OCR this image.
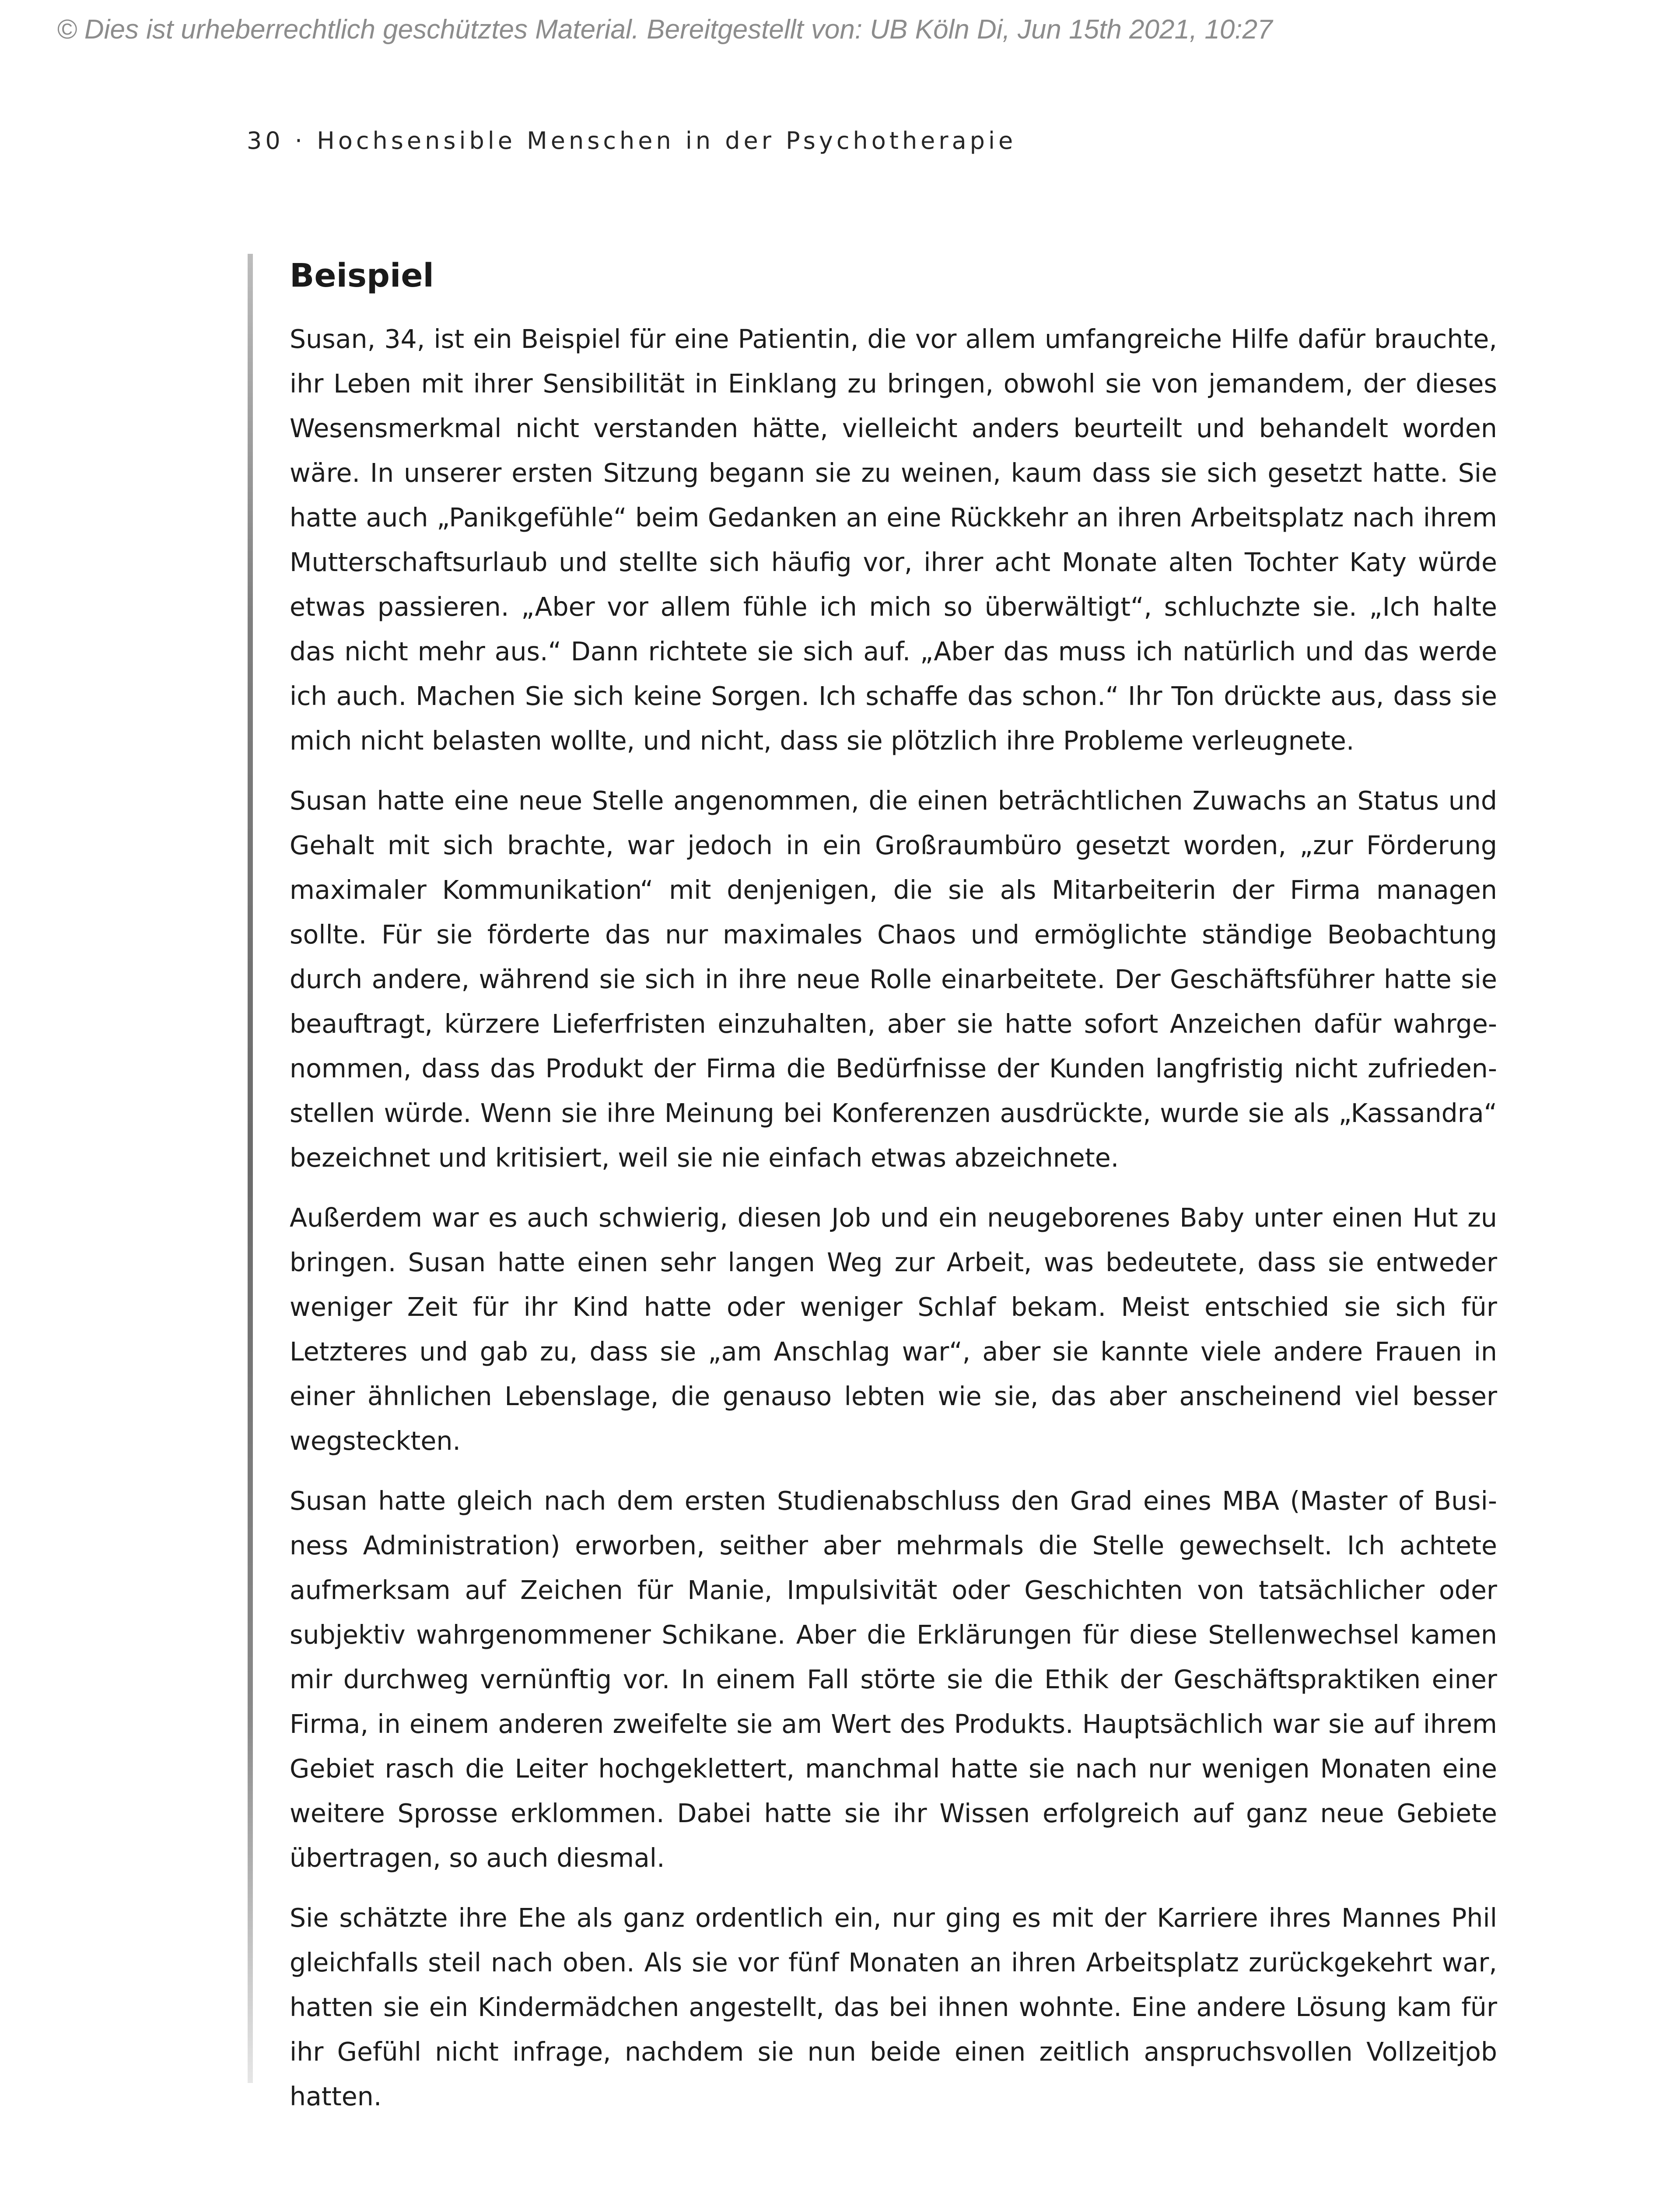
© Dies ist urheberrechtlich geschütztes Material. Bereitgestellt von: UB Köln Di, Jun 15th 2021, 10:27
30 · Hochsensible Menschen in der Psychotherapie
Beispiel

Susan, 34, ist ein Beispiel für eine Patientin, die vor allem umfangreiche Hilfe dafür brauchte, ihr Leben mit ihrer Sensibilität in Einklang zu bringen, obwohl sie von jemandem, der dieses Wesensmerkmal nicht verstanden hätte, vielleicht anders beurteilt und behandelt worden wäre. In unserer ersten Sitzung begann sie zu weinen, kaum dass sie sich gesetzt hatte. Sie hatte auch „Panikgefühle“ beim Gedanken an eine Rückkehr an ihren Arbeitsplatz nach ihrem Mutterschaftsurlaub und stellte sich häufig vor, ihrer acht Monate alten Tochter Katy würde etwas passieren. „Aber vor allem fühle ich mich so überwältigt“, schluchzte sie. „Ich halte das nicht mehr aus.“ Dann richtete sie sich auf. „Aber das muss ich natürlich und das werde ich auch. Machen Sie sich keine Sorgen. Ich schaffe das schon.“ Ihr Ton drückte aus, dass sie mich nicht belasten wollte, und nicht, dass sie plötzlich ihre Probleme verleugnete.

Susan hatte eine neue Stelle angenommen, die einen beträchtlichen Zuwachs an Status und Gehalt mit sich brachte, war jedoch in ein Großraumbüro gesetzt worden, „zur Förderung maximaler Kommunikation“ mit denjenigen, die sie als Mitarbeiterin der Firma managen sollte. Für sie förderte das nur maximales Chaos und ermöglichte ständige Beobachtung durch andere, während sie sich in ihre neue Rolle einarbeitete. Der Geschäftsführer hatte sie beauftragt, kürzere Lieferfristen einzuhalten, aber sie hatte sofort Anzeichen dafür wahrgenommen, dass das Produkt der Firma die Bedürfnisse der Kunden langfristig nicht zufriedenstellen würde. Wenn sie ihre Meinung bei Konferenzen ausdrückte, wurde sie als „Kassandra“ bezeichnet und kritisiert, weil sie nie einfach etwas abzeichnete.

Außerdem war es auch schwierig, diesen Job und ein neugeborenes Baby unter einen Hut zu bringen. Susan hatte einen sehr langen Weg zur Arbeit, was bedeutete, dass sie entweder weniger Zeit für ihr Kind hatte oder weniger Schlaf bekam. Meist entschied sie sich für Letzteres und gab zu, dass sie „am Anschlag war“, aber sie kannte viele andere Frauen in einer ähnlichen Lebenslage, die genauso lebten wie sie, das aber anscheinend viel besser wegsteckten.

Susan hatte gleich nach dem ersten Studienabschluss den Grad eines MBA (Master of Business Administration) erworben, seither aber mehrmals die Stelle gewechselt. Ich achtete aufmerksam auf Zeichen für Manie, Impulsivität oder Geschichten von tatsächlicher oder subjektiv wahrgenommener Schikane. Aber die Erklärungen für diese Stellenwechsel kamen mir durchweg vernünftig vor. In einem Fall störte sie die Ethik der Geschäftspraktiken einer Firma, in einem anderen zweifelte sie am Wert des Produkts. Hauptsächlich war sie auf ihrem Gebiet rasch die Leiter hochgeklettert, manchmal hatte sie nach nur wenigen Monaten eine weitere Sprosse erklommen. Dabei hatte sie ihr Wissen erfolgreich auf ganz neue Gebiete übertragen, so auch diesmal.

Sie schätzte ihre Ehe als ganz ordentlich ein, nur ging es mit der Karriere ihres Mannes Phil gleichfalls steil nach oben. Als sie vor fünf Monaten an ihren Arbeitsplatz zurückgekehrt war, hatten sie ein Kindermädchen angestellt, das bei ihnen wohnte. Eine andere Lösung kam für ihr Gefühl nicht infrage, nachdem sie nun beide einen zeitlich anspruchsvollen Vollzeitjob hatten.
